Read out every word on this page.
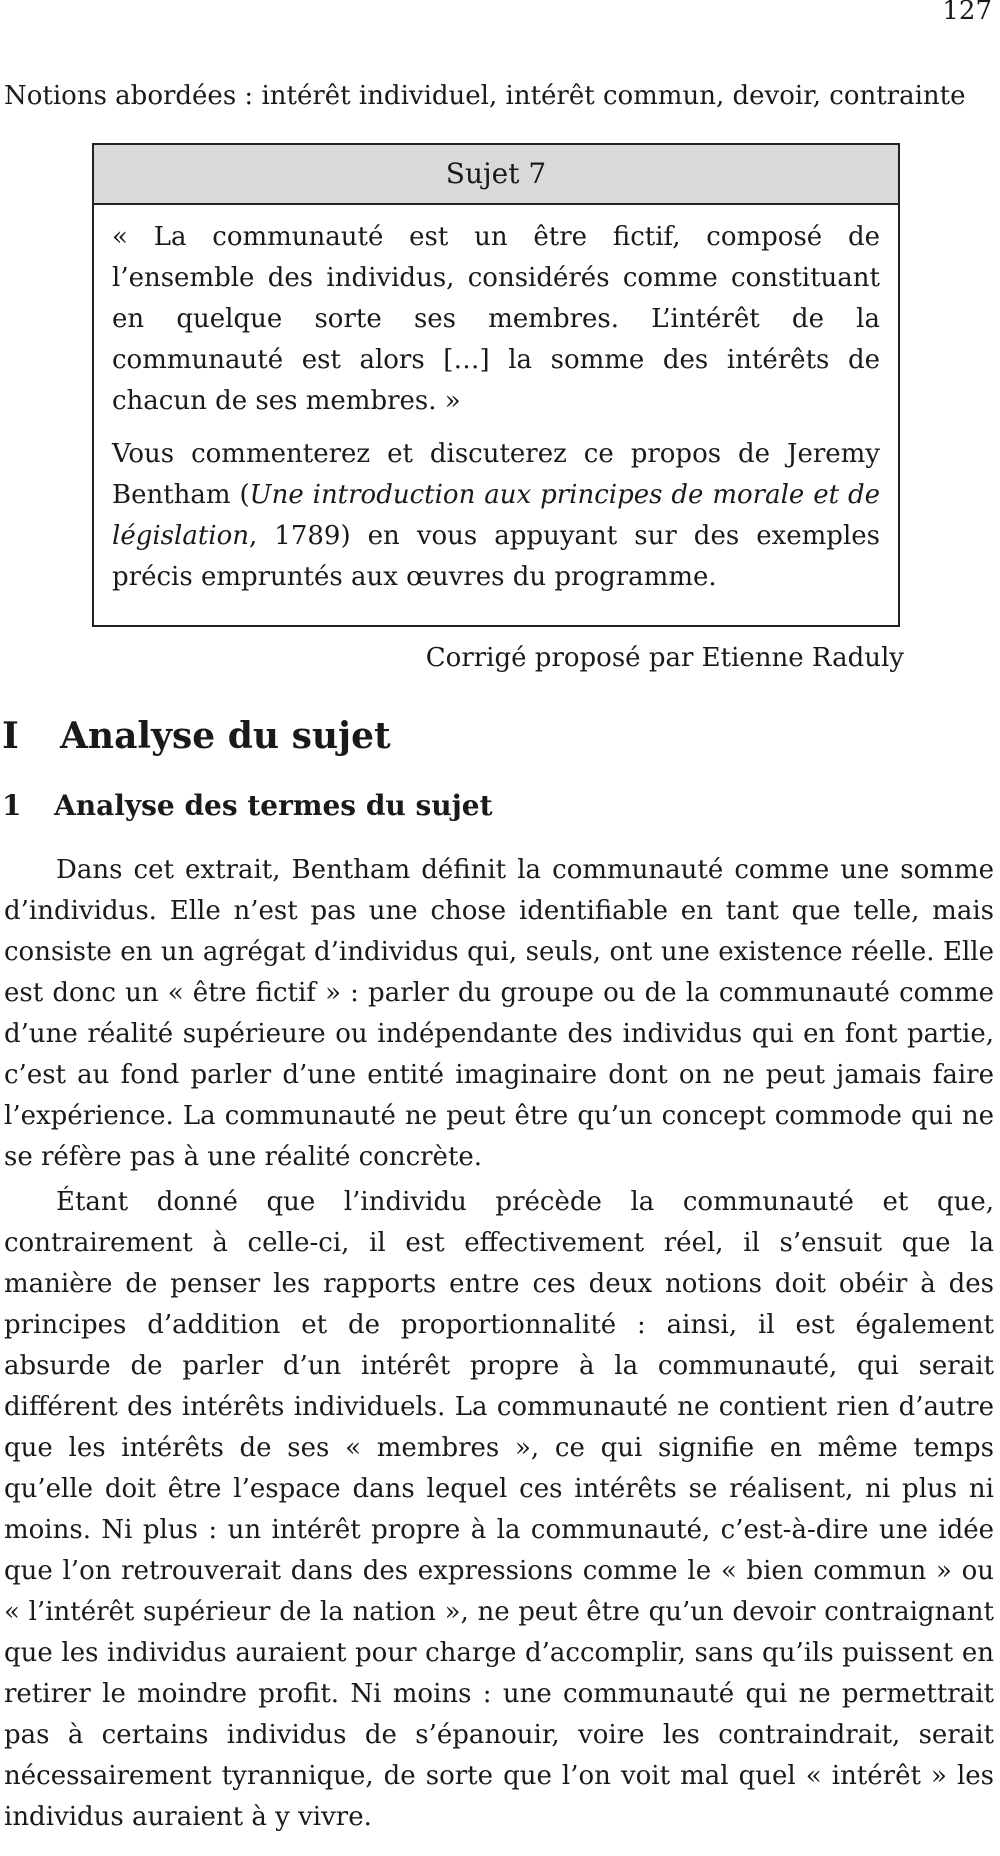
127
Notions abordées : intérêt individuel, intérêt commun, devoir, contrainte
Sujet 7

« La communauté est un être fictif, composé de l’ensemble des individus, considérés comme constituant en quelque sorte ses membres. L’intérêt de la communauté est alors […] la somme des intérêts de chacun de ses membres. »

Vous commenterez et discuterez ce propos de Jeremy Bentham (Une introduction aux principes de morale et de législation, 1789) en vous appuyant sur des exemples précis empruntés aux œuvres du programme.

Corrigé proposé par Etienne Raduly
I Analyse du sujet
1 Analyse des termes du sujet

Dans cet extrait, Bentham définit la communauté comme une somme d’individus. Elle n’est pas une chose identifiable en tant que telle, mais consiste en un agrégat d’individus qui, seuls, ont une existence réelle. Elle est donc un « être fictif » : parler du groupe ou de la communauté comme d’une réalité supérieure ou indépendante des individus qui en font partie, c’est au fond parler d’une entité imaginaire dont on ne peut jamais faire l’expérience. La communauté ne peut être qu’un concept commode qui ne se réfère pas à une réalité concrète.

Étant donné que l’individu précède la communauté et que, contrairement à celle-ci, il est effectivement réel, il s’ensuit que la manière de penser les rapports entre ces deux notions doit obéir à des principes d’addition et de proportionnalité : ainsi, il est également absurde de parler d’un intérêt propre à la communauté, qui serait différent des intérêts individuels. La communauté ne contient rien d’autre que les intérêts de ses « membres », ce qui signifie en même temps qu’elle doit être l’espace dans lequel ces intérêts se réalisent, ni plus ni moins. Ni plus : un intérêt propre à la communauté, c’est-à-dire une idée que l’on retrouverait dans des expressions comme le « bien commun » ou « l’intérêt supérieur de la nation », ne peut être qu’un devoir contraignant que les individus auraient pour charge d’accomplir, sans qu’ils puissent en retirer le moindre profit. Ni moins : une communauté qui ne permettrait pas à certains individus de s’épanouir, voire les contraindrait, serait nécessairement tyrannique, de sorte que l’on voit mal quel « intérêt » les individus auraient à y vivre.
